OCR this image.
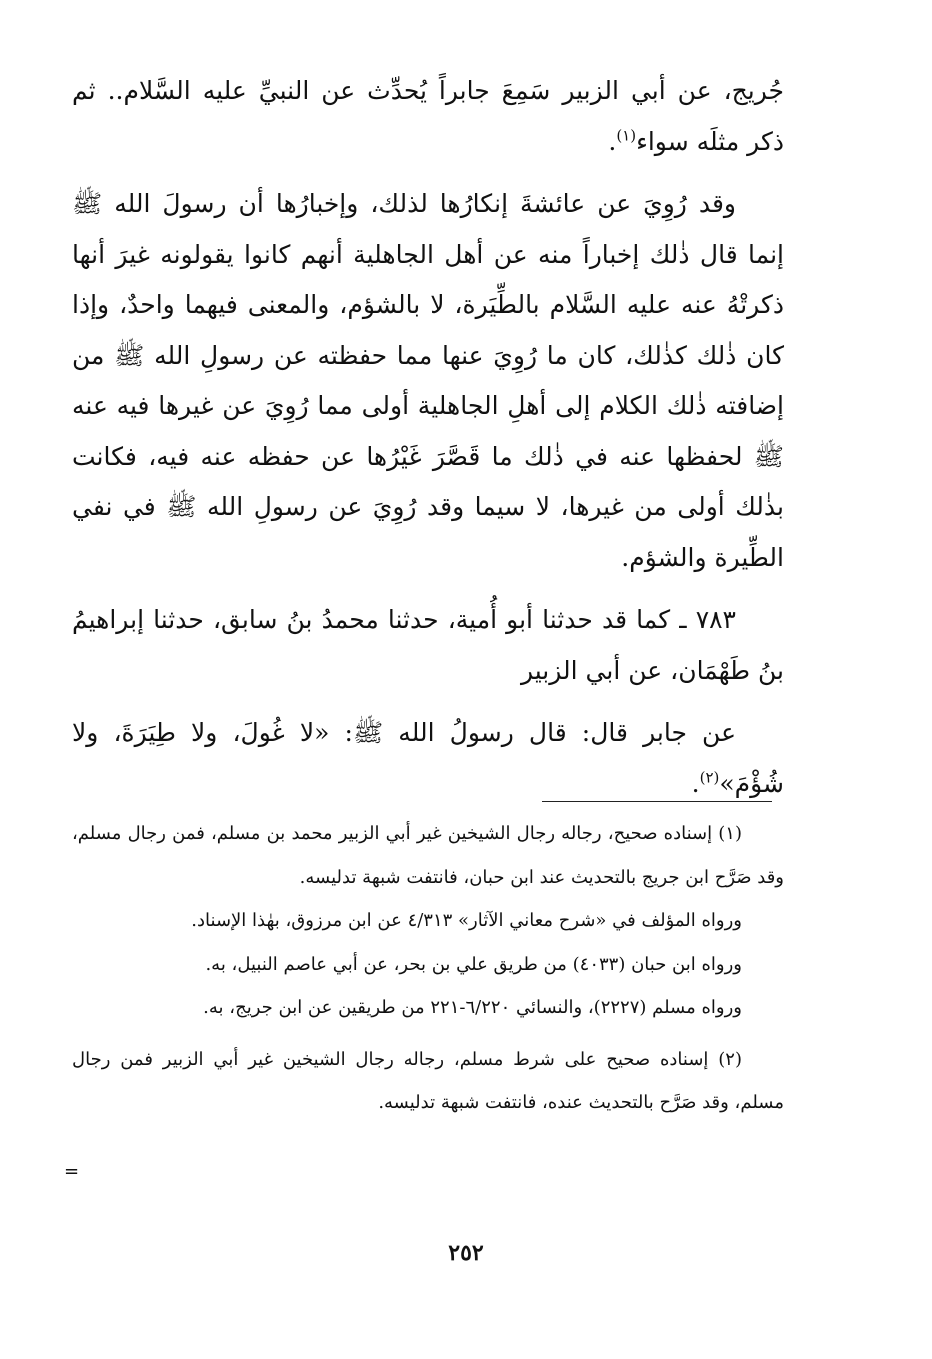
جُريج، عن أبي الزبير سَمِعَ جابراً يُحدِّث عن النبيِّ عليه السَّلام.. ثم ذكر مثلَه سواء$^{(١)}$.

وقد رُوِيَ عن عائشةَ إنكارُها لذلك، وإخبارُها أن رسولَ الله ﷺ إنما قال ذٰلك إخباراً منه عن أهل الجاهلية أنهم كانوا يقولونه غيرَ أنها ذكرتْهُ عنه عليه السَّلام بالطِّيَرة، لا بالشؤم، والمعنى فيهما واحدٌ، وإذا كان ذٰلك كذٰلك، كان ما رُوِيَ عنها مما حفظته عن رسولِ الله ﷺ من إضافته ذٰلك الكلام إلى أهلِ الجاهلية أولى مما رُوِيَ عن غيرها فيه عنه ﷺ لحفظها عنه في ذٰلك ما قَصَّرَ غَيْرُها عن حفظه عنه فيه، فكانت بذٰلك أولى من غيرها، لا سيما وقد رُوِيَ عن رسولِ الله ﷺ في نفي الطِّيرة والشؤم.

٧٨٣ ـ كما قد حدثنا أبو أُمية، حدثنا محمدُ بنُ سابق، حدثنا إبراهيمُ بنُ طَهْمَان، عن أبي الزبير

عن جابر قال: قال رسولُ الله ﷺ: «لا غُولَ، ولا طِيَرَةَ، ولا شُؤْمَ»$^{(٢)}$.

(١) إسناده صحيح، رجاله رجال الشيخين غير أبي الزبير محمد بن مسلم، فمن رجال مسلم، وقد صَرَّح ابن جريج بالتحديث عند ابن حبان، فانتفت شبهة تدليسه.

ورواه المؤلف في «شرح معاني الآثار» ٤/٣١٣ عن ابن مرزوق، بهٰذا الإسناد.

ورواه ابن حبان (٤٠٣٣) من طريق علي بن بحر، عن أبي عاصم النبيل، به.

ورواه مسلم (٢٢٢٧)، والنسائي ٦/٢٢٠-٢٢١ من طريقين عن ابن جريج، به.

(٢) إسناده صحيح على شرط مسلم، رجاله رجال الشيخين غير أبي الزبير فمن رجال مسلم، وقد صَرَّح بالتحديث عنده، فانتفت شبهة تدليسه.

=
٢٥٢
